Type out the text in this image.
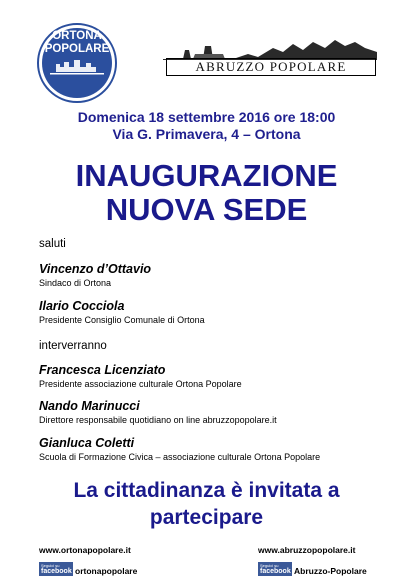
ORTONA
POPOLARE
ABRUZZO POPOLARE
Domenica 18 settembre 2016 ore 18:00
Via G. Primavera, 4 – Ortona
INAUGURAZIONE
NUOVA SEDE
saluti
Vincenzo d’Ottavio
Sindaco di Ortona
Ilario Cocciola
Presidente Consiglio Comunale di Ortona
interverranno
Francesca Licenziato
Presidente associazione culturale Ortona Popolare
Nando Marinucci
Direttore responsabile quotidiano on line abruzzopopolare.it
Gianluca Coletti
Scuola di Formazione Civica – associazione culturale Ortona Popolare
La cittadinanza è invitata a
partecipare
www.ortonapopolare.it	www.abruzzopopolare.it
Seguici su
facebook ortonapopolare
Seguici su
facebook Abruzzo-Popolare
